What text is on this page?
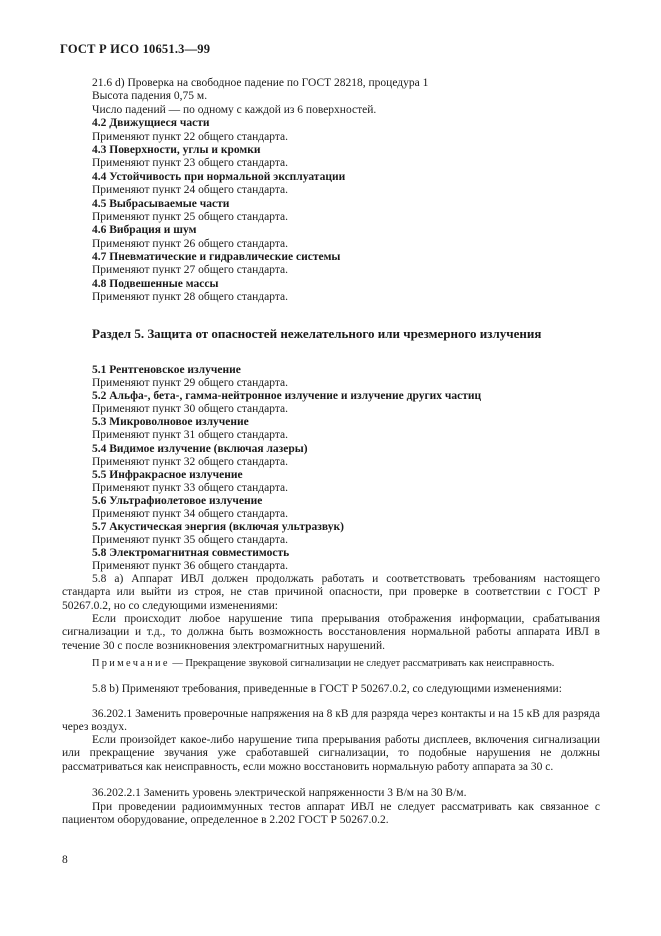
ГОСТ Р ИСО 10651.3—99
21.6 d) Проверка на свободное падение по ГОСТ 28218, процедура 1
Высота падения 0,75 м.
Число падений — по одному с каждой из 6 поверхностей.
4.2 Движущиеся части
Применяют пункт 22 общего стандарта.
4.3 Поверхности, углы и кромки
Применяют пункт 23 общего стандарта.
4.4 Устойчивость при нормальной эксплуатации
Применяют пункт 24 общего стандарта.
4.5 Выбрасываемые части
Применяют пункт 25 общего стандарта.
4.6 Вибрация и шум
Применяют пункт 26 общего стандарта.
4.7 Пневматические и гидравлические системы
Применяют пункт 27 общего стандарта.
4.8 Подвешенные массы
Применяют пункт 28 общего стандарта.
Раздел 5. Защита от опасностей нежелательного или чрезмерного излучения
5.1 Рентгеновское излучение
Применяют пункт 29 общего стандарта.
5.2 Альфа-, бета-, гамма-нейтронное излучение и излучение других частиц
Применяют пункт 30 общего стандарта.
5.3 Микроволновое излучение
Применяют пункт 31 общего стандарта.
5.4 Видимое излучение (включая лазеры)
Применяют пункт 32 общего стандарта.
5.5 Инфракрасное излучение
Применяют пункт 33 общего стандарта.
5.6 Ультрафиолетовое излучение
Применяют пункт 34 общего стандарта.
5.7 Акустическая энергия (включая ультразвук)
Применяют пункт 35 общего стандарта.
5.8 Электромагнитная совместимость
Применяют пункт 36 общего стандарта.
5.8 а) Аппарат ИВЛ должен продолжать работать и соответствовать требованиям настоящего стандарта или выйти из строя, не став причиной опасности, при проверке в соответствии с ГОСТ Р 50267.0.2, но со следующими изменениями:
Если происходит любое нарушение типа прерывания отображения информации, срабатывания сигнализации и т.д., то должна быть возможность восстановления нормальной работы аппарата ИВЛ в течение 30 с после возникновения электромагнитных нарушений.
Примечание — Прекращение звуковой сигнализации не следует рассматривать как неисправность.
5.8 b) Применяют требования, приведенные в ГОСТ Р 50267.0.2, со следующими изменениями:
36.202.1 Заменить проверочные напряжения на 8 кВ для разряда через контакты и на 15 кВ для разряда через воздух.
Если произойдет какое-либо нарушение типа прерывания работы дисплеев, включения сигнализации или прекращение звучания уже сработавшей сигнализации, то подобные нарушения не должны рассматриваться как неисправность, если можно восстановить нормальную работу аппарата за 30 с.
36.202.2.1 Заменить уровень электрической напряженности 3 В/м на 30 В/м.
При проведении радиоиммунных тестов аппарат ИВЛ не следует рассматривать как связанное с пациентом оборудование, определенное в 2.202 ГОСТ Р 50267.0.2.
8
